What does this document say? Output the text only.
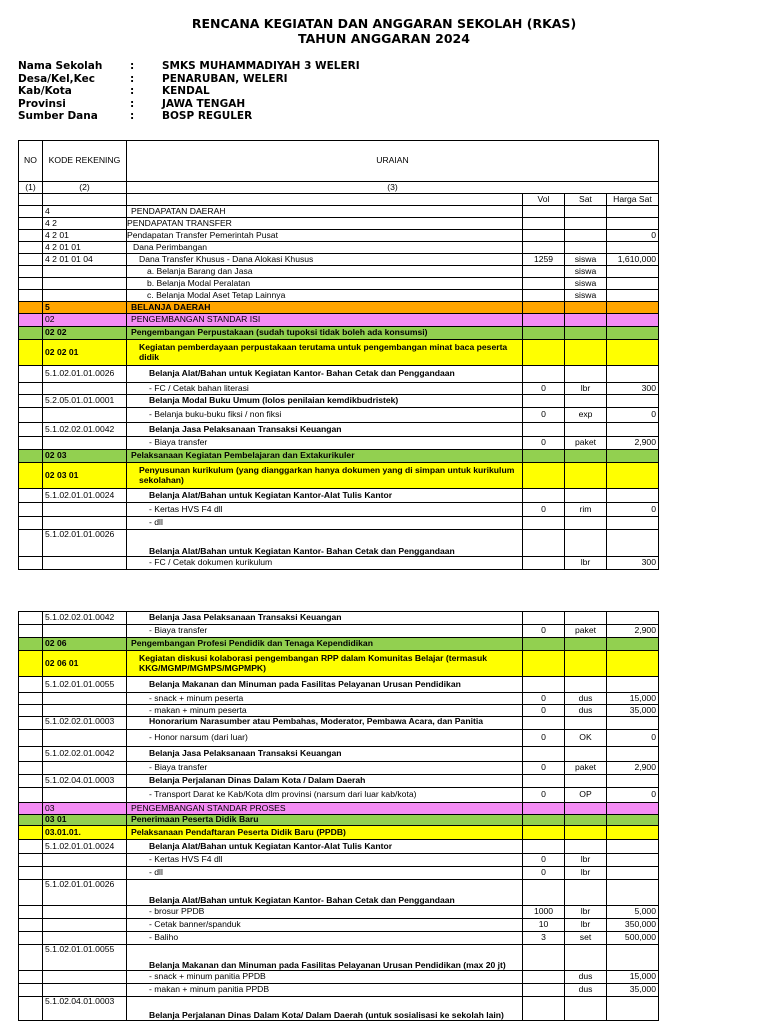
RENCANA KEGIATAN DAN ANGGARAN SEKOLAH (RKAS)
TAHUN ANGGARAN 2024
Nama Sekolah	:	SMKS MUHAMMADIYAH 3 WELERI
Desa/Kel,Kec	:	PENARUBAN, WELERI
Kab/Kota	:	KENDAL
Provinsi	:	JAWA TENGAH
Sumber Dana	:	BOSP REGULER
NO	KODE REKENING	URAIAN			
(1)	(2)	(3)			
			Vol	Sat	Harga Sat
	4	PENDAPATAN DAERAH			
	4 2	PENDAPATAN TRANSFER			
	4 2 01	Pendapatan Transfer Pemerintah Pusat			0
	4 2 01 01	Dana Perimbangan			
	4 2 01 01 04	Dana Transfer Khusus - Dana Alokasi Khusus	1259	siswa	1,610,000
		a. Belanja Barang dan Jasa		siswa	
		b. Belanja Modal Peralatan		siswa	
		c. Belanja Modal Aset Tetap Lainnya		siswa	
	5	BELANJA DAERAH			
	02	PENGEMBANGAN STANDAR ISI			
	02 02	Pengembangan Perpustakaan (sudah tupoksi tidak boleh ada konsumsi)			
	02 02 01	Kegiatan pemberdayaan perpustakaan terutama untuk pengembangan minat baca peserta didik			
	5.1.02.01.01.0026	Belanja Alat/Bahan untuk Kegiatan Kantor- Bahan Cetak dan Penggandaan			
		- FC / Cetak bahan literasi	0	lbr	300
	5.2.05.01.01.0001	Belanja Modal Buku Umum (lolos penilaian kemdikbudristek)			
		- Belanja buku-buku fiksi / non fiksi	0	exp	0
	5.1.02.02.01.0042	Belanja Jasa Pelaksanaan Transaksi Keuangan			
		- Biaya transfer	0	paket	2,900
	02 03	Pelaksanaan Kegiatan Pembelajaran dan Extakurikuler			
	02 03 01	Penyusunan kurikulum (yang dianggarkan hanya dokumen yang di simpan untuk kurikulum sekolahan)			
	5.1.02.01.01.0024	Belanja Alat/Bahan untuk Kegiatan Kantor-Alat Tulis Kantor			
		- Kertas HVS F4 dll	0	rim	0
		- dll			
	5.1.02.01.01.0026	Belanja Alat/Bahan untuk Kegiatan Kantor- Bahan Cetak dan Penggandaan			
		- FC / Cetak dokumen kurikulum		lbr	300
	5.1.02.02.01.0042	Belanja Jasa Pelaksanaan Transaksi Keuangan			
		- Biaya transfer	0	paket	2,900
	02 06	Pengembangan Profesi Pendidik dan Tenaga Kependidikan			
	02 06 01	Kegiatan diskusi kolaborasi pengembangan RPP dalam Komunitas Belajar (termasuk KKG/MGMP/MGMPS/MGPMPK)			
	5.1.02.01.01.0055	Belanja Makanan dan Minuman pada Fasilitas Pelayanan Urusan Pendidikan			
		- snack + minum peserta	0	dus	15,000
		- makan + minum peserta	0	dus	35,000
	5.1.02.02.01.0003	Honorarium Narasumber atau Pembahas, Moderator, Pembawa Acara, dan Panitia			
		- Honor narsum (dari luar)	0	OK	0
	5.1.02.02.01.0042	Belanja Jasa Pelaksanaan Transaksi Keuangan			
		- Biaya transfer	0	paket	2,900
	5.1.02.04.01.0003	Belanja Perjalanan Dinas Dalam Kota / Dalam Daerah			
		- Transport Darat ke Kab/Kota dlm provinsi (narsum dari luar kab/kota)	0	OP	0
	03	PENGEMBANGAN STANDAR PROSES			
	03 01	Penerimaan Peserta Didik Baru			
	03.01.01.	Pelaksanaan Pendaftaran Peserta Didik Baru (PPDB)			
	5.1.02.01.01.0024	Belanja Alat/Bahan untuk Kegiatan Kantor-Alat Tulis Kantor			
		- Kertas HVS F4 dll	0	lbr	
		- dll	0	lbr	
	5.1.02.01.01.0026	Belanja Alat/Bahan untuk Kegiatan Kantor- Bahan Cetak dan Penggandaan			
		- brosur PPDB	1000	lbr	5,000
		- Cetak banner/spanduk	10	lbr	350,000
		- Baliho	3	set	500,000
	5.1.02.01.01.0055	Belanja Makanan dan Minuman pada Fasilitas Pelayanan Urusan Pendidikan (max 20 jt)			
		- snack + minum panitia PPDB		dus	15,000
		- makan + minum panitia PPDB		dus	35,000
	5.1.02.04.01.0003	Belanja Perjalanan Dinas Dalam Kota/ Dalam Daerah (untuk sosialisasi ke sekolah lain)			
